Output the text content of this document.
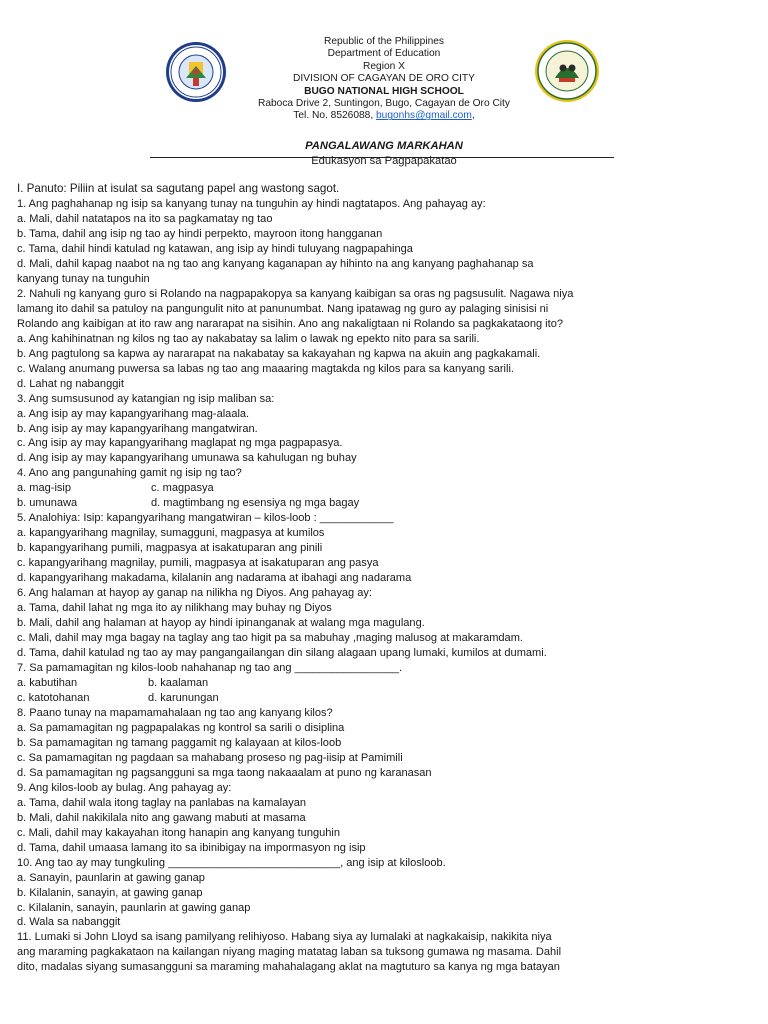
Republic of the Philippines
Department of Education
Region X
DIVISION OF CAGAYAN DE ORO CITY
BUGO NATIONAL HIGH SCHOOL
Raboca Drive 2, Suntingon, Bugo, Cagayan de Oro City
Tel. No. 8526088, bugonhs@gmail.com,
PANGALAWANG MARKAHAN
Edukasyon sa Pagpapakatao
I. Panuto: Piliin at isulat sa sagutang papel ang wastong sagot.
1. Ang paghahanap ng isip sa kanyang tunay na tunguhin ay hindi nagtatapos. Ang pahayag ay:
a. Mali, dahil natatapos na ito sa pagkamatay ng tao
b. Tama, dahil ang isip ng tao ay hindi perpekto, mayroon itong hangganan
c. Tama, dahil hindi katulad ng katawan, ang isip ay hindi tuluyang nagpapahinga
d. Mali, dahil kapag naabot na ng tao ang kanyang kaganapan ay hihinto na ang kanyang paghahanap sa
kanyang tunay na tunguhin
2. Nahuli ng kanyang guro si Rolando na nagpapakopya sa kanyang kaibigan sa oras ng pagsusulit. Nagawa niya
lamang ito dahil sa patuloy na pangungulit nito at panunumbat. Nang ipatawag ng guro ay palaging sinisisi ni
Rolando ang kaibigan at ito raw ang nararapat na sisihin. Ano ang nakaligtaan ni Rolando sa pagkakataong ito?
a. Ang kahihinatnan ng kilos ng tao ay nakabatay sa lalim o lawak ng epekto nito para sa sarili.
b. Ang pagtulong sa kapwa ay nararapat na nakabatay sa kakayahan ng kapwa na akuin ang pagkakamali.
c. Walang anumang puwersa sa labas ng tao ang maaaring magtakda ng kilos para sa kanyang sarili.
d. Lahat ng nabanggit
3. Ang sumsusunod ay katangian ng isip maliban sa:
a. Ang isip ay may kapangyarihang mag-alaala.
b. Ang isip ay may kapangyarihang mangatwiran.
c. Ang isip ay may kapangyarihang maglapat ng mga pagpapasya.
d. Ang isip ay may kapangyarihang umunawa sa kahulugan ng buhay
4. Ano ang pangunahing gamit ng isip ng tao?
a. mag-isip	c. magpasya
b. umunawa	d. magtimbang ng esensiya ng mga bagay
5. Analohiya: Isip: kapangyarihang mangatwiran – kilos-loob : ____________
a. kapangyarihang magnilay, sumagguni, magpasya at kumilos
b. kapangyarihang pumili, magpasya at isakatuparan ang pinili
c. kapangyarihang magnilay, pumili, magpasya at isakatuparan ang pasya
d. kapangyarihang makadama, kilalanin ang nadarama at ibahagi ang nadarama
6. Ang halaman at hayop ay ganap na nilikha ng Diyos. Ang pahayag ay:
a. Tama, dahil lahat ng mga ito ay nilikhang may buhay ng Diyos
b. Mali, dahil ang halaman at hayop ay hindi ipinanganak at walang mga magulang.
c. Mali, dahil may mga bagay na taglay ang tao higit pa sa mabuhay ,maging malusog at makaramdam.
d. Tama, dahil katulad ng tao ay may pangangailangan din silang alagaan upang lumaki, kumilos at dumami.
7. Sa pamamagitan ng kilos-loob nahahanap ng tao ang _________________.
a. kabutihan	b. kaalaman
c. katotohanan	d. karunungan
8. Paano tunay na mapamamahalaan ng tao ang kanyang kilos?
a. Sa pamamagitan ng pagpapalakas ng kontrol sa sarili o disiplina
b. Sa pamamagitan ng tamang paggamit ng kalayaan at kilos-loob
c. Sa pamamagitan ng pagdaan sa mahabang proseso ng pag-iisip at Pamimili
d. Sa pamamagitan ng pagsangguni sa mga taong nakaaalam at puno ng karanasan
9. Ang kilos-loob ay bulag. Ang pahayag ay:
a. Tama, dahil wala itong taglay na panlabas na kamalayan
b. Mali, dahil nakikilala nito ang gawang mabuti at masama
c. Mali, dahil may kakayahan itong hanapin ang kanyang tunguhin
d. Tama, dahil umaasa lamang ito sa ibinibigay na impormasyon ng isip
10. Ang tao ay may tungkuling ____________________________, ang isip at kilosloob.
a. Sanayin, paunlarin at gawing ganap
b. Kilalanin, sanayin, at gawing ganap
c. Kilalanin, sanayin, paunlarin at gawing ganap
d. Wala sa nabanggit
11. Lumaki si John Lloyd sa isang pamilyang relihiyoso. Habang siya ay lumalaki at nagkakaisip, nakikita niya
ang maraming pagkakataon na kailangan niyang maging matatag laban sa tuksong gumawa ng masama. Dahil
dito, madalas siyang sumasangguni sa maraming mahahalagang aklat na magtuturo sa kanya ng mga batayan
